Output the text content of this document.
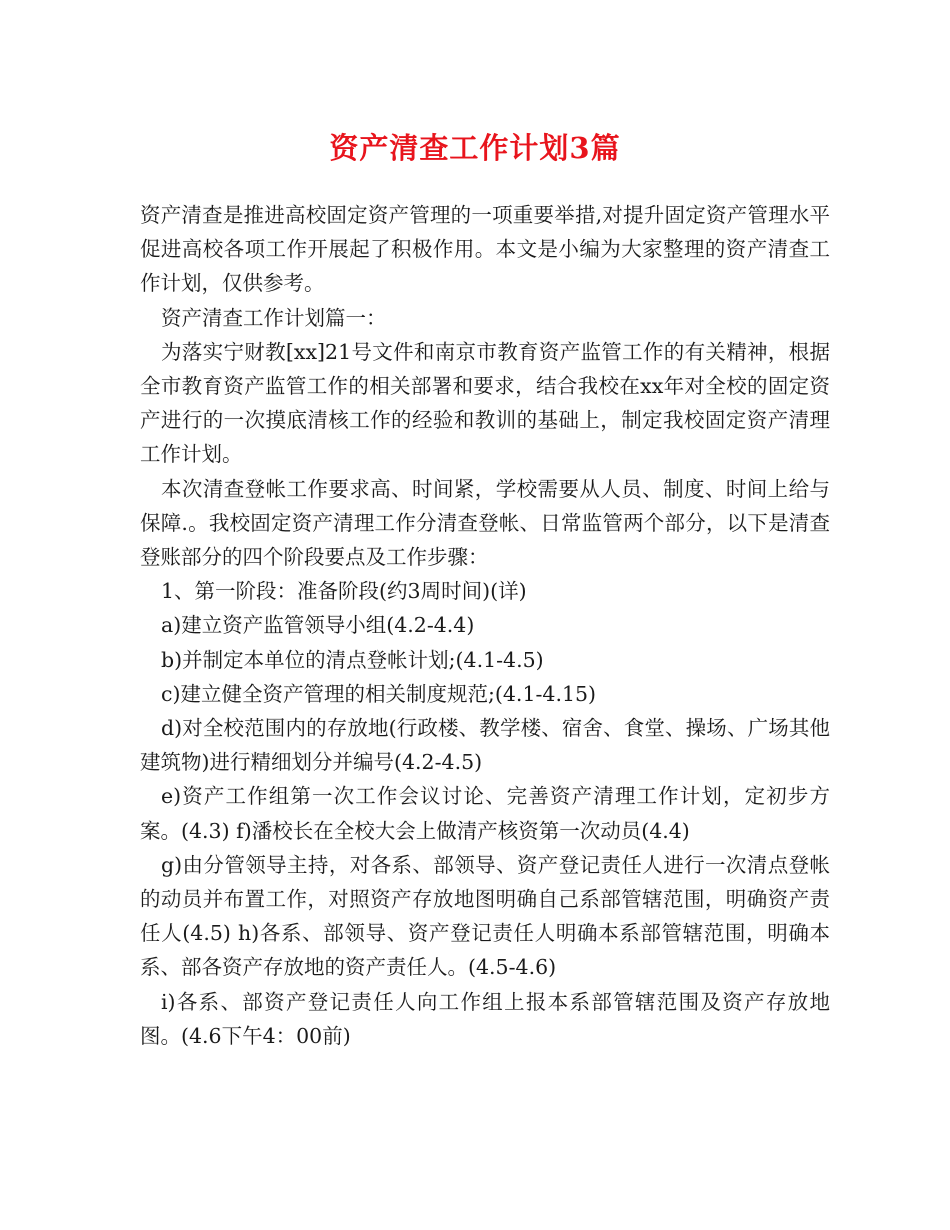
资产清查工作计划3篇

资产清查是推进高校固定资产管理的一项重要举措,对提升固定资产管理水平促进高校各项工作开展起了积极作用。本文是小编为大家整理的资产清查工作计划，仅供参考。

资产清查工作计划篇一：

为落实宁财教[xx]21号文件和南京市教育资产监管工作的有关精神，根据全市教育资产监管工作的相关部署和要求，结合我校在xx年对全校的固定资产进行的一次摸底清核工作的经验和教训的基础上，制定我校固定资产清理工作计划。

本次清查登帐工作要求高、时间紧，学校需要从人员、制度、时间上给与保障.。我校固定资产清理工作分清查登帐、日常监管两个部分，以下是清查登账部分的四个阶段要点及工作步骤：

1、第一阶段：准备阶段(约3周时间)(详)

a)建立资产监管领导小组(4.2-4.4)

b)并制定本单位的清点登帐计划;(4.1-4.5)

c)建立健全资产管理的相关制度规范;(4.1-4.15)

d)对全校范围内的存放地(行政楼、教学楼、宿舍、食堂、操场、广场其他建筑物)进行精细划分并编号(4.2-4.5)

e)资产工作组第一次工作会议讨论、完善资产清理工作计划，定初步方案。(4.3) f)潘校长在全校大会上做清产核资第一次动员(4.4)

g)由分管领导主持，对各系、部领导、资产登记责任人进行一次清点登帐的动员并布置工作，对照资产存放地图明确自己系部管辖范围，明确资产责任人(4.5) h)各系、部领导、资产登记责任人明确本系部管辖范围，明确本系、部各资产存放地的资产责任人。(4.5-4.6)

i)各系、部资产登记责任人向工作组上报本系部管辖范围及资产存放地图。(4.6下午4：00前)
